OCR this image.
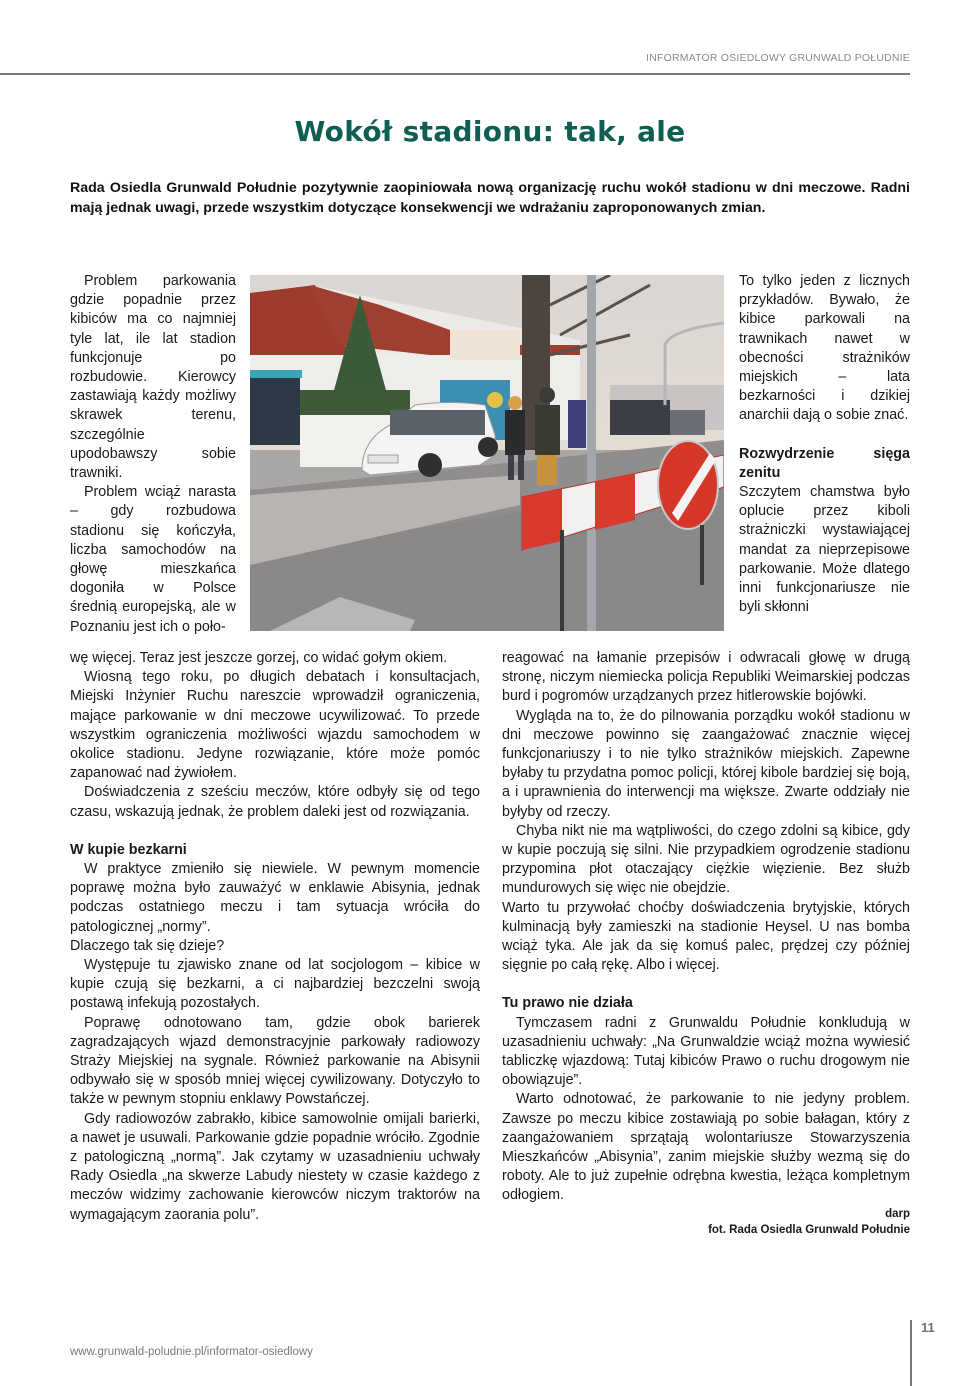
INFORMATOR OSIEDLOWY GRUNWALD POŁUDNIE
Wokół stadionu: tak, ale

Rada Osiedla Grunwald Południe pozytywnie zaopiniowała nową organizację ruchu wokół stadionu w dni meczowe. Radni mają jednak uwagi, przede wszystkim dotyczące konsekwencji we wdrażaniu zaproponowanych zmian.

Problem parkowania gdzie popadnie przez kibiców ma co najmniej tyle lat, ile lat stadion funkcjonuje po rozbudowie. Kierowcy zastawiają każdy możliwy skrawek terenu, szczególnie upodobawszy sobie trawniki.

Problem wciąż narasta – gdy rozbudowa stadionu się kończyła, liczba samochodów na głowę mieszkańca dogoniła w Polsce średnią europejską, ale w Poznaniu jest ich o poło-

To tylko jeden z licznych przykładów. Bywało, że kibice parkowali na trawnikach nawet w obecności strażników miejskich – lata bezkarności i dzikiej anarchii dają o sobie znać.

Rozwydrzenie sięga zenitu

Szczytem chamstwa było oplucie przez kiboli strażniczki wystawiającej mandat za nieprzepisowe parkowanie. Może dlatego inni funkcjonariusze nie byli skłonni

wę więcej. Teraz jest jeszcze gorzej, co widać gołym okiem.

Wiosną tego roku, po długich debatach i konsultacjach, Miejski Inżynier Ruchu nareszcie wprowadził ograniczenia, mające parkowanie w dni meczowe ucywilizować. To przede wszystkim ograniczenia możliwości wjazdu samochodem w okolice stadionu. Jedyne rozwiązanie, które może pomóc zapanować nad żywiołem.

Doświadczenia z sześciu meczów, które odbyły się od tego czasu, wskazują jednak, że problem daleki jest od rozwiązania.

W kupie bezkarni

W praktyce zmieniło się niewiele. W pewnym momencie poprawę można było zauważyć w enklawie Abisynia, jednak podczas ostatniego meczu i tam sytuacja wróciła do patologicznej „normy”.

Dlaczego tak się dzieje?

Występuje tu zjawisko znane od lat socjologom – kibice w kupie czują się bezkarni, a ci najbardziej bezczelni swoją postawą infekują pozostałych.

Poprawę odnotowano tam, gdzie obok barierek zagradzających wjazd demonstracyjnie parkowały radiowozy Straży Miejskiej na sygnale. Również parkowanie na Abisynii odbywało się w sposób mniej więcej cywilizowany. Dotyczyło to także w pewnym stopniu enklawy Powstańczej.

Gdy radiowozów zabrakło, kibice samowolnie omijali barierki, a nawet je usuwali. Parkowanie gdzie popadnie wróciło. Zgodnie z patologiczną „normą”. Jak czytamy w uzasadnieniu uchwały Rady Osiedla „na skwerze Labudy niestety w czasie każdego z meczów widzimy zachowanie kierowców niczym traktorów na wymagającym zaorania polu”.

reagować na łamanie przepisów i odwracali głowę w drugą stronę, niczym niemiecka policja Republiki Weimarskiej podczas burd i pogromów urządzanych przez hitlerowskie bojówki.

Wygląda na to, że do pilnowania porządku wokół stadionu w dni meczowe powinno się zaangażować znacznie więcej funkcjonariuszy i to nie tylko strażników miejskich. Zapewne byłaby tu przydatna pomoc policji, której kibole bardziej się boją, a i uprawnienia do interwencji ma większe. Zwarte oddziały nie byłyby od rzeczy.

Chyba nikt nie ma wątpliwości, do czego zdolni są kibice, gdy w kupie poczują się silni. Nie przypadkiem ogrodzenie stadionu przypomina płot otaczający ciężkie więzienie. Bez służb mundurowych się więc nie obejdzie.

Warto tu przywołać choćby doświadczenia brytyjskie, których kulminacją były zamieszki na stadionie Heysel. U nas bomba wciąż tyka. Ale jak da się komuś palec, prędzej czy później sięgnie po całą rękę. Albo i więcej.

Tu prawo nie działa

Tymczasem radni z Grunwaldu Południe konkludują w uzasadnieniu uchwały: „Na Grunwaldzie wciąż można wywiesić tabliczkę wjazdową: Tutaj kibiców Prawo o ruchu drogowym nie obowiązuje”.

Warto odnotować, że parkowanie to nie jedyny problem. Zawsze po meczu kibice zostawiają po sobie bałagan, który z zaangażowaniem sprzątają wolontariusze Stowarzyszenia Mieszkańców „Abisynia”, zanim miejskie służby wezmą się do roboty. Ale to już zupełnie odrębna kwestia, leżąca kompletnym odłogiem.

darp

fot. Rada Osiedla Grunwald Południe

www.grunwald-poludnie.pl/informator-osiedlowy
11
